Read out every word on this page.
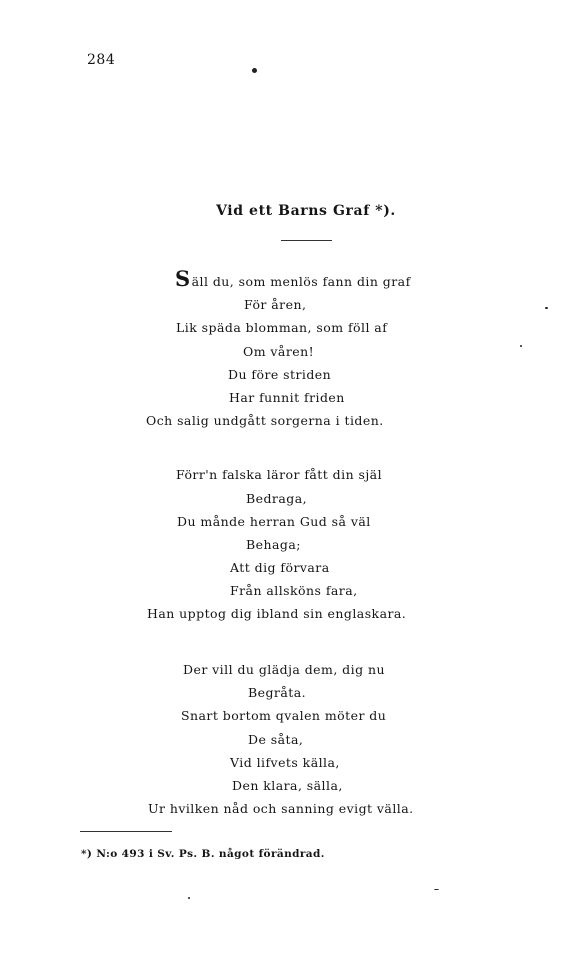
284
Vid ett Barns Graf *).
Säll du, som menlös fann din graf
För åren,
Lik späda blomman, som föll af
Om våren!
Du före striden
Har funnit friden
Och salig undgått sorgerna i tiden.
Förr'n falska läror fått din själ
Bedraga,
Du månde herran Gud så väl
Behaga;
Att dig förvara
Från allsköns fara,
Han upptog dig ibland sin englaskara.
Der vill du glädja dem, dig nu
Begråta.
Snart bortom qvalen möter du
De såta,
Vid lifvets källa,
Den klara, sälla,
Ur hvilken nåd och sanning evigt välla.
*) N:o 493 i Sv. Ps. B. något förändrad.
